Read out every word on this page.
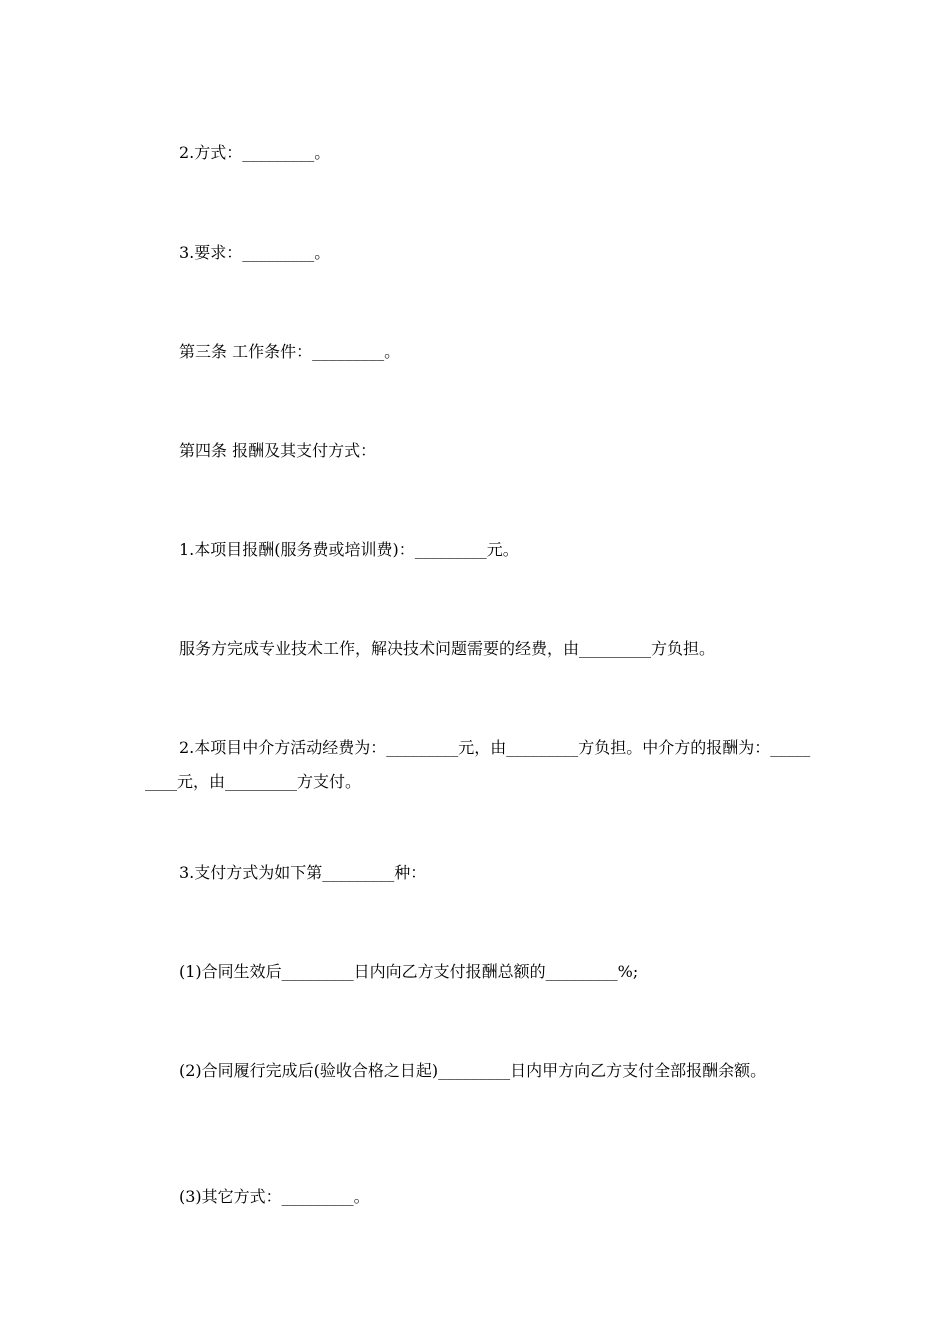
2.方式：_________。

3.要求：_________。

第三条 工作条件：_________。

第四条 报酬及其支付方式：

1.本项目报酬(服务费或培训费)：_________元。

服务方完成专业技术工作，解决技术问题需要的经费，由_________方负担。

2.本项目中介方活动经费为：_________元，由_________方负担。中介方的报酬为：_________元，由_________方支付。

3.支付方式为如下第_________种：

(1)合同生效后_________日内向乙方支付报酬总额的_________%;

(2)合同履行完成后(验收合格之日起)_________日内甲方向乙方支付全部报酬余额。

(3)其它方式：_________。
